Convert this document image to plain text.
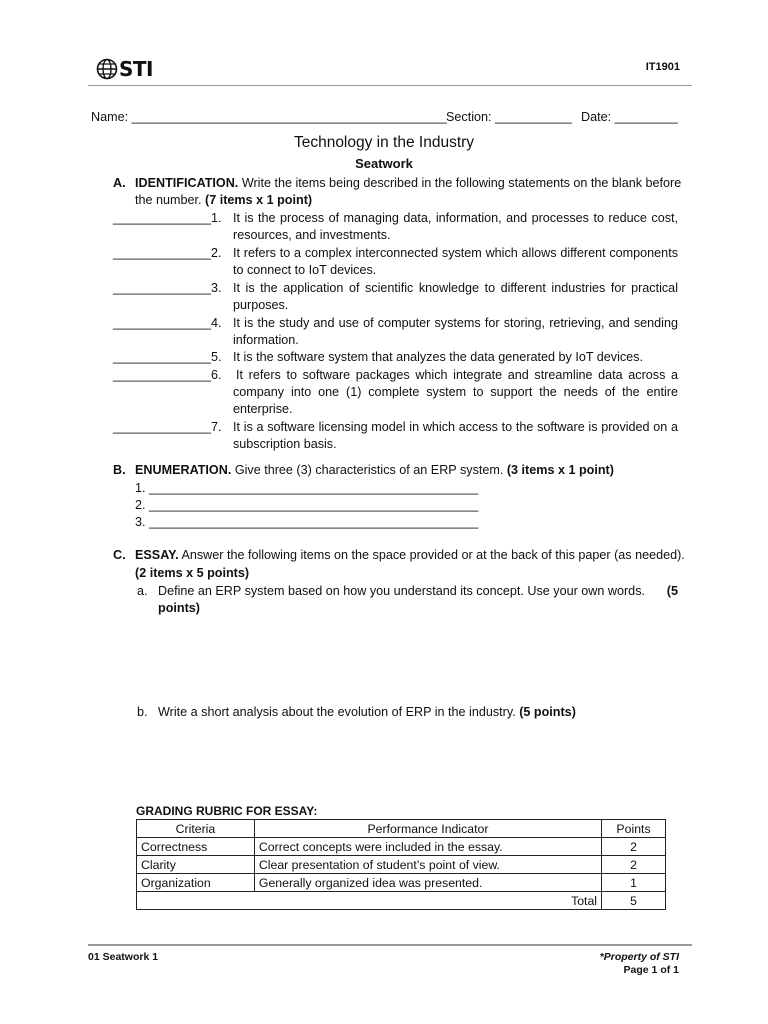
STI	IT1901
Name: _____________________________________________ Section: ___________ Date: _________
Technology in the Industry
Seatwork
A. IDENTIFICATION. Write the items being described in the following statements on the blank before
the number. (7 items x 1 point)
______________1. It is the process of managing data, information, and processes to reduce cost,
resources, and investments.
______________2. It refers to a complex interconnected system which allows different components
to connect to IoT devices.
______________3. It is the application of scientific knowledge to different industries for practical
purposes.
______________4. It is the study and use of computer systems for storing, retrieving, and sending
information.
______________5. It is the software system that analyzes the data generated by IoT devices.
______________6. It refers to software packages which integrate and streamline data across a
company into one (1) complete system to support the needs of the entire
enterprise.
______________7. It is a software licensing model in which access to the software is provided on a
subscription basis.
B. ENUMERATION. Give three (3) characteristics of an ERP system. (3 items x 1 point)
1. _______________________________________________
2. _______________________________________________
3. _______________________________________________
C. ESSAY. Answer the following items on the space provided or at the back of this paper (as needed).
(2 items x 5 points)
a. Define an ERP system based on how you understand its concept. Use your own words. (5
points)
b. Write a short analysis about the evolution of ERP in the industry. (5 points)
GRADING RUBRIC FOR ESSAY:
Criteria	Performance Indicator	Points
Correctness	Correct concepts were included in the essay.	2
Clarity	Clear presentation of student’s point of view.	2
Organization	Generally organized idea was presented.	1
Total		5
01 Seatwork 1	*Property of STI
Page 1 of 1
